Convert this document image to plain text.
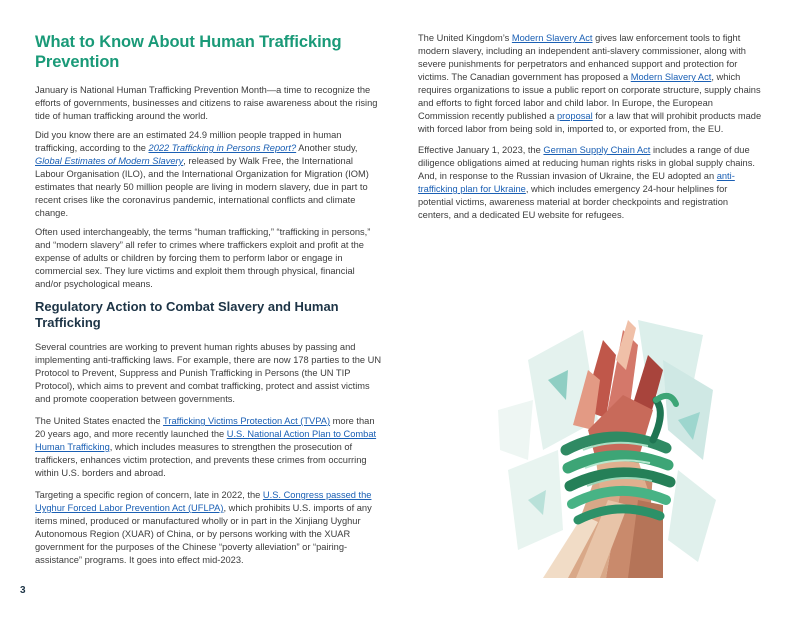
What to Know About Human Trafficking Prevention

January is National Human Trafficking Prevention Month—a time to recognize the efforts of governments, businesses and citizens to raise awareness about the rising tide of human trafficking around the world.

Did you know there are an estimated 24.9 million people trapped in human trafficking, according to the 2022 Trafficking in Persons Report? Another study, Global Estimates of Modern Slavery, released by Walk Free, the International Labour Organisation (ILO), and the International Organization for Migration (IOM) estimates that nearly 50 million people are living in modern slavery, due in part to recent crises like the coronavirus pandemic, international conflicts and climate change.

Often used interchangeably, the terms “human trafficking,” “trafficking in persons,” and “modern slavery” all refer to crimes where traffickers exploit and profit at the expense of adults or children by forcing them to perform labor or engage in commercial sex. They lure victims and exploit them through physical, financial and/or psychological means.

Regulatory Action to Combat Slavery and Human Trafficking

Several countries are working to prevent human rights abuses by passing and implementing anti-trafficking laws. For example, there are now 178 parties to the UN Protocol to Prevent, Suppress and Punish Trafficking in Persons (the UN TIP Protocol), which aims to prevent and combat trafficking, protect and assist victims and promote cooperation between governments.

The United States enacted the Trafficking Victims Protection Act (TVPA) more than 20 years ago, and more recently launched the U.S. National Action Plan to Combat Human Trafficking, which includes measures to strengthen the prosecution of traffickers, enhances victim protection, and prevents these crimes from occurring within U.S. borders and abroad.

Targeting a specific region of concern, late in 2022, the U.S. Congress passed the Uyghur Forced Labor Prevention Act (UFLPA), which prohibits U.S. imports of any items mined, produced or manufactured wholly or in part in the Xinjiang Uyghur Autonomous Region (XUAR) of China, or by persons working with the XUAR government for the purposes of the Chinese “poverty alleviation” or “pairing-assistance” programs. It goes into effect mid-2023.

The United Kingdom’s Modern Slavery Act gives law enforcement tools to fight modern slavery, including an independent anti-slavery commissioner, along with severe punishments for perpetrators and enhanced support and protection for victims. The Canadian government has proposed a Modern Slavery Act, which requires organizations to issue a public report on corporate structure, supply chains and efforts to fight forced labor and child labor. In Europe, the European Commission recently published a proposal for a law that will prohibit products made with forced labor from being sold in, imported to, or exported from, the EU.

Effective January 1, 2023, the German Supply Chain Act includes a range of due diligence obligations aimed at reducing human rights risks in global supply chains. And, in response to the Russian invasion of Ukraine, the EU adopted an anti-trafficking plan for Ukraine, which includes emergency 24-hour helplines for potential victims, awareness material at border checkpoints and registration centers, and a dedicated EU website for refugees.

3
